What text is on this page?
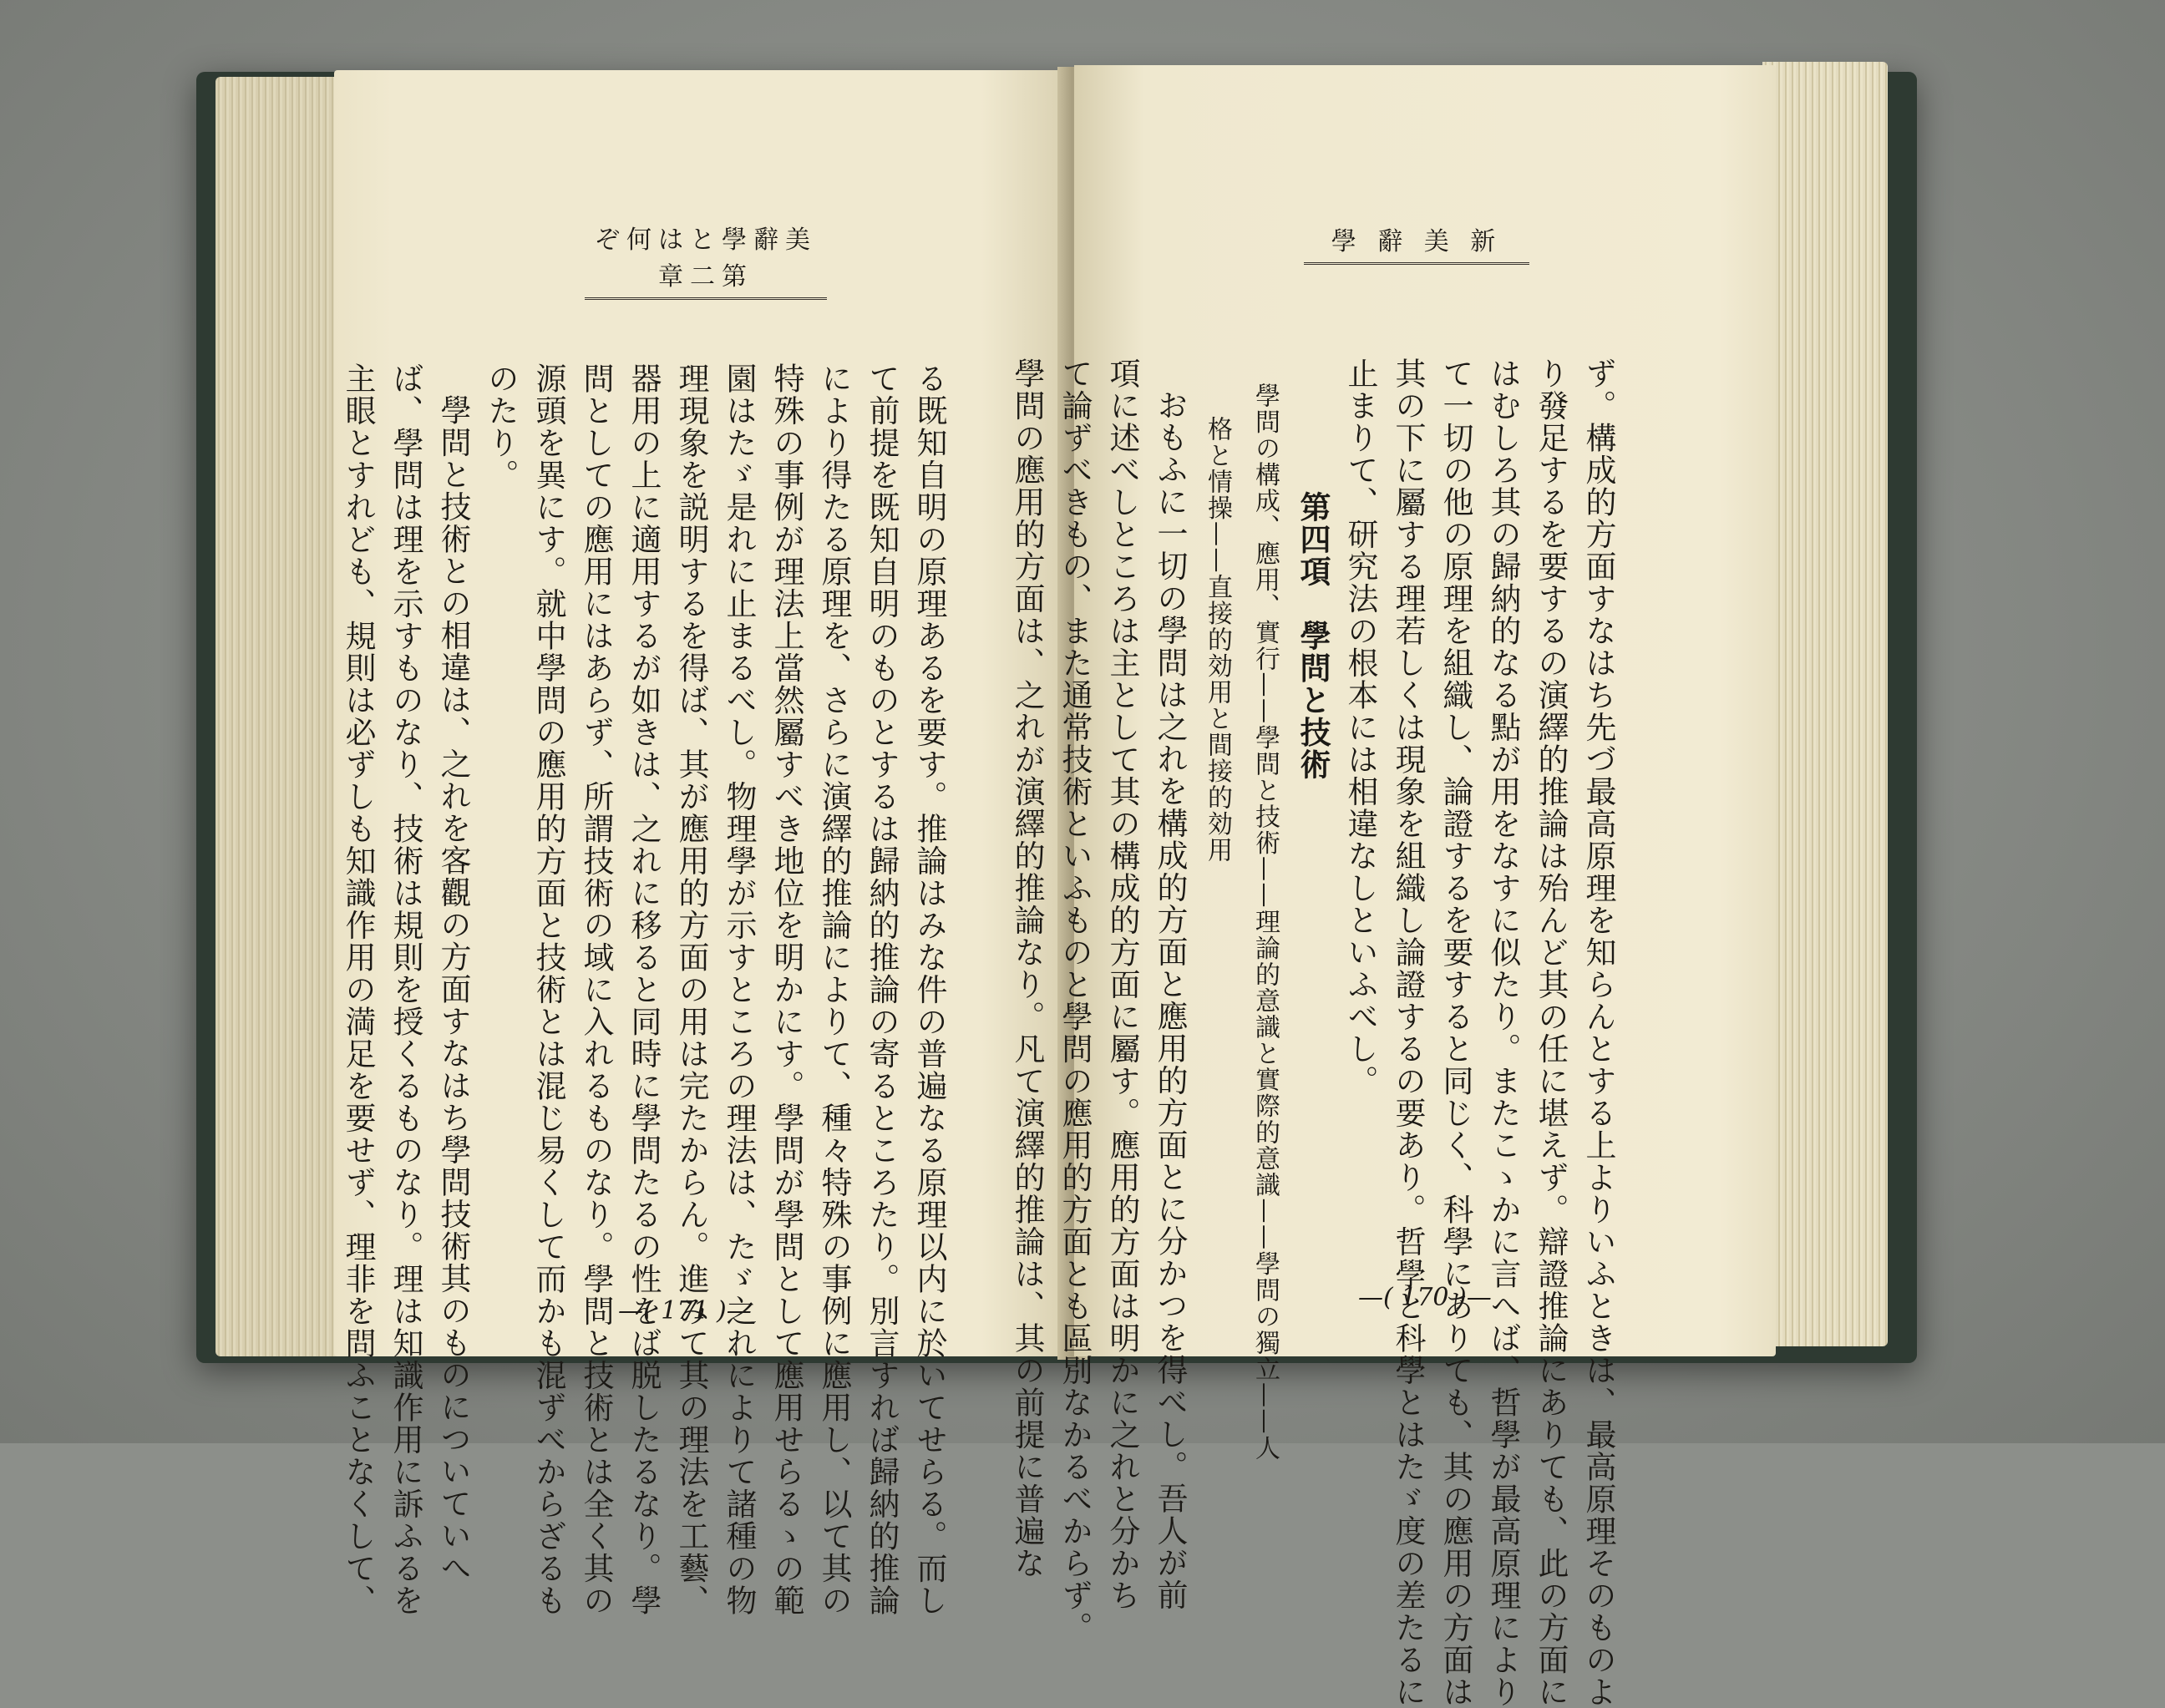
ぞ何はと學辭美 章二第

る既知自明の原理あるを要す。推論はみな件の普遍なる原理以内に於いてせらる。而し
て前提を既知自明のものとするは歸納的推論の寄るところたり。別言すれば歸納的推論
により得たる原理を、さらに演繹的推論によりて、種々特殊の事例に應用し、以て其の
特殊の事例が理法上當然屬すべき地位を明かにす。學問が學問として應用せらるゝの範
園はたゞ是れに止まるべし。物理學が示すところの理法は、たゞ之れによりて諸種の物
理現象を説明するを得ば、其が應用的方面の用は完たからん。進みて其の理法を工藝、
器用の上に適用するが如きは、之れに移ると同時に學問たるの性をば脱したるなり。學
問としての應用にはあらず、所謂技術の域に入れるものなり。學問と技術とは全く其の
源頭を異にす。就中學問の應用的方面と技術とは混じ易くして而かも混ずべからざるも
のたり。
學問と技術との相違は、之れを客觀の方面すなはち學問技術其のものについていへ
ば、學問は理を示すものなり、技術は規則を授くるものなり。理は知識作用に訴ふるを
主眼とすれども、規則は必ずしも知識作用の満足を要せず、理非を問ふことなくして、	—( 171 )—
學 辭 美 新

ず。構成的方面すなはち先づ最高原理を知らんとする上よりいふときは、最高原理そのものよ
り發足するを要するの演繹的推論は殆んど其の任に堪えず。辯證推論にありても、此の方面に
はむしろ其の歸納的なる點が用をなすに似たり。またこゝかに言へば、哲學が最高原理により
て一切の他の原理を組織し、論證するを要すると同じく、科學にありても、其の應用の方面は
其の下に屬する理若しくは現象を組織し論證するの要あり。哲學と科學とはたゞ度の差たるに
止まりて、研究法の根本には相違なしといふべし。
第四項　學問と技術
學問の構成、應用、實行——學問と技術——理論的意識と實際的意識——學問の獨立——人
格と情操——直接的効用と間接的効用
おもふに一切の學問は之れを構成的方面と應用的方面とに分かつを得べし。吾人が前
項に述べしところは主として其の構成的方面に屬す。應用的方面は明かに之れと分かち
て論ずべきもの、また通常技術といふものと學問の應用的方面とも區別なかるべからず。
學問の應用的方面は、之れが演繹的推論なり。凡て演繹的推論は、其の前提に普遍な	—( 170 )—
